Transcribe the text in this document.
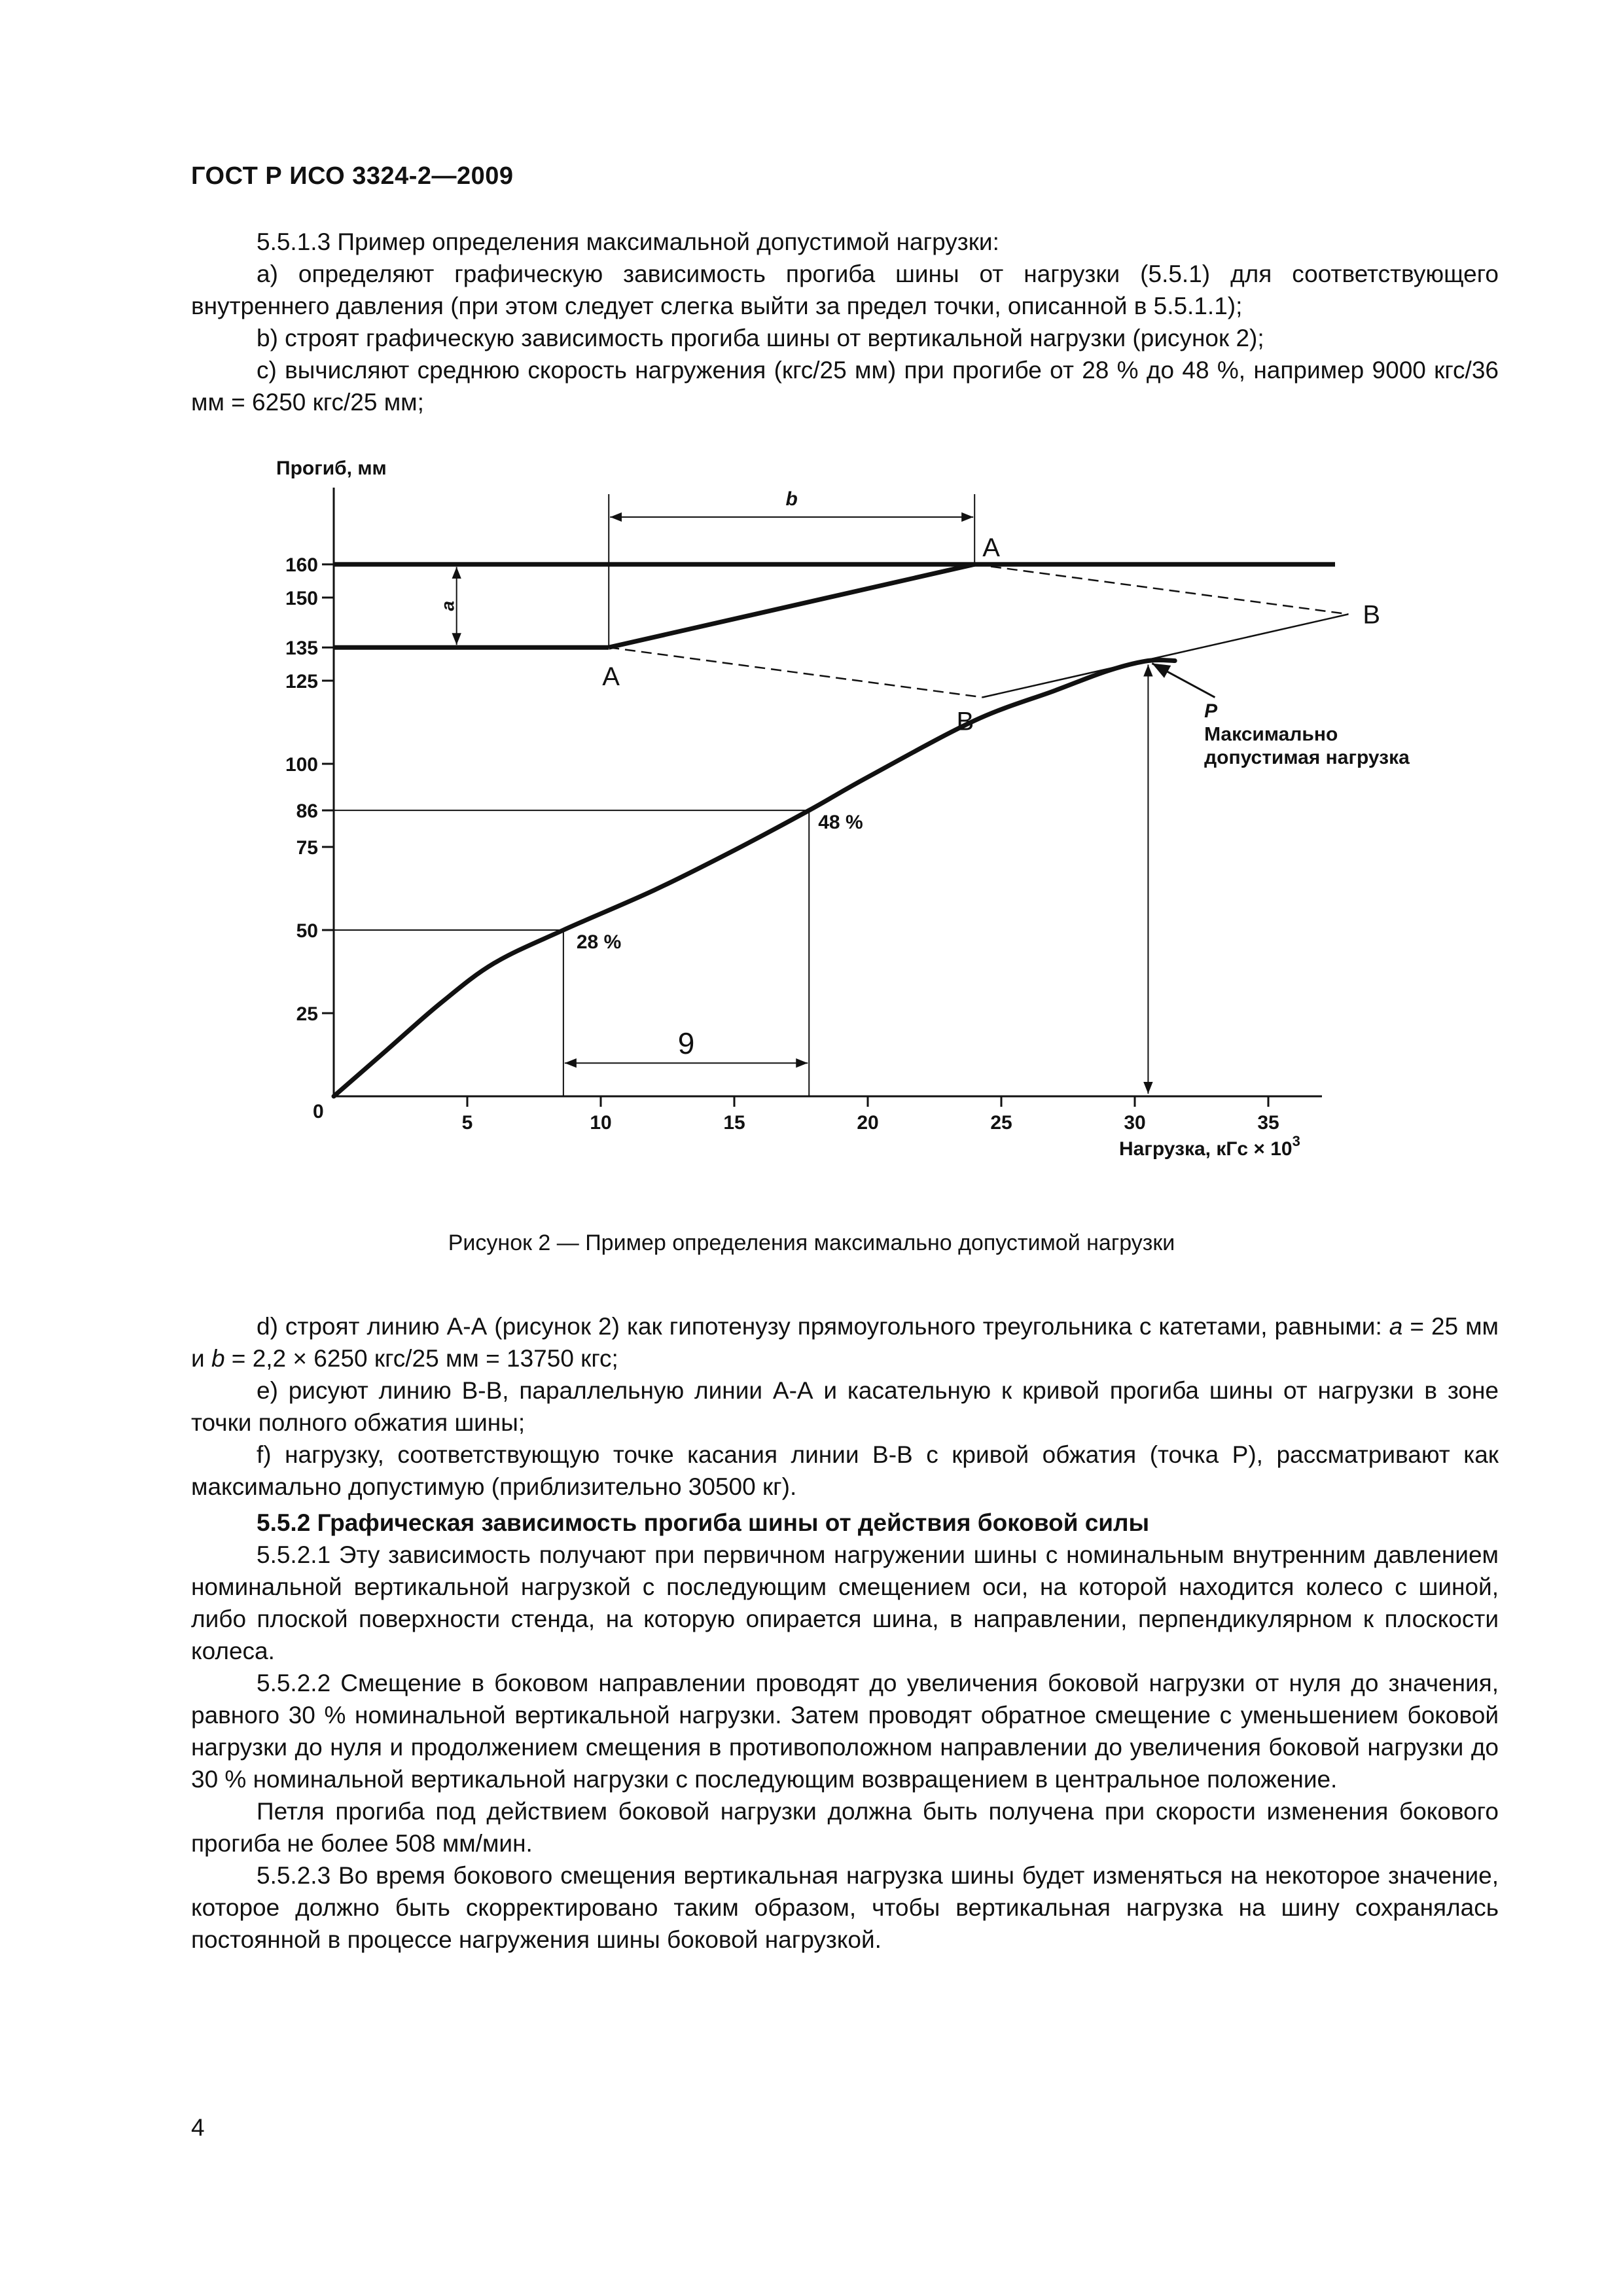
ГОСТ Р ИСО 3324-2—2009

5.5.1.3 Пример определения максимальной допустимой нагрузки:

a) определяют графическую зависимость прогиба шины от нагрузки (5.5.1) для соответствующего внутреннего давления (при этом следует слегка выйти за предел точки, описанной в 5.5.1.1);

b) строят графическую зависимость прогиба шины от вертикальной нагрузки (рисунок 2);

c) вычисляют среднюю скорость нагружения (кгс/25 мм) при прогибе от 28 % до 48 %, например 9000 кгс/36 мм = 6250 кгс/25 мм;

Прогиб, мм
Нагрузка, кГс × $10^3$
0
25
50
75
86
100
125
135
150
160
5	10	15	20	25	30	35
b
a
9
A
A
B
B
28 %
48 %
P
Максимально
допустимая нагрузка
Рисунок 2 — Пример определения максимально допустимой нагрузки

d) строят линию А-А (рисунок 2) как гипотенузу прямоугольного треугольника с катетами, равными: a = 25 мм и b = 2,2 × 6250 кгс/25 мм = 13750 кгс;

e) рисуют линию В-В, параллельную линии А-А и касательную к кривой прогиба шины от нагрузки в зоне точки полного обжатия шины;

f) нагрузку, соответствующую точке касания линии В-В с кривой обжатия (точка Р), рассматривают как максимально допустимую (приблизительно 30500 кг).

5.5.2 Графическая зависимость прогиба шины от действия боковой силы

5.5.2.1 Эту зависимость получают при первичном нагружении шины с номинальным внутренним давлением номинальной вертикальной нагрузкой с последующим смещением оси, на которой находится колесо с шиной, либо плоской поверхности стенда, на которую опирается шина, в направлении, перпендикулярном к плоскости колеса.

5.5.2.2 Смещение в боковом направлении проводят до увеличения боковой нагрузки от нуля до значения, равного 30 % номинальной вертикальной нагрузки. Затем проводят обратное смещение с уменьшением боковой нагрузки до нуля и продолжением смещения в противоположном направлении до увеличения боковой нагрузки до 30 % номинальной вертикальной нагрузки с последующим возвращением в центральное положение.

Петля прогиба под действием боковой нагрузки должна быть получена при скорости изменения бокового прогиба не более 508 мм/мин.

5.5.2.3 Во время бокового смещения вертикальная нагрузка шины будет изменяться на некоторое значение, которое должно быть скорректировано таким образом, чтобы вертикальная нагрузка на шину сохранялась постоянной в процессе нагружения шины боковой нагрузкой.

4
